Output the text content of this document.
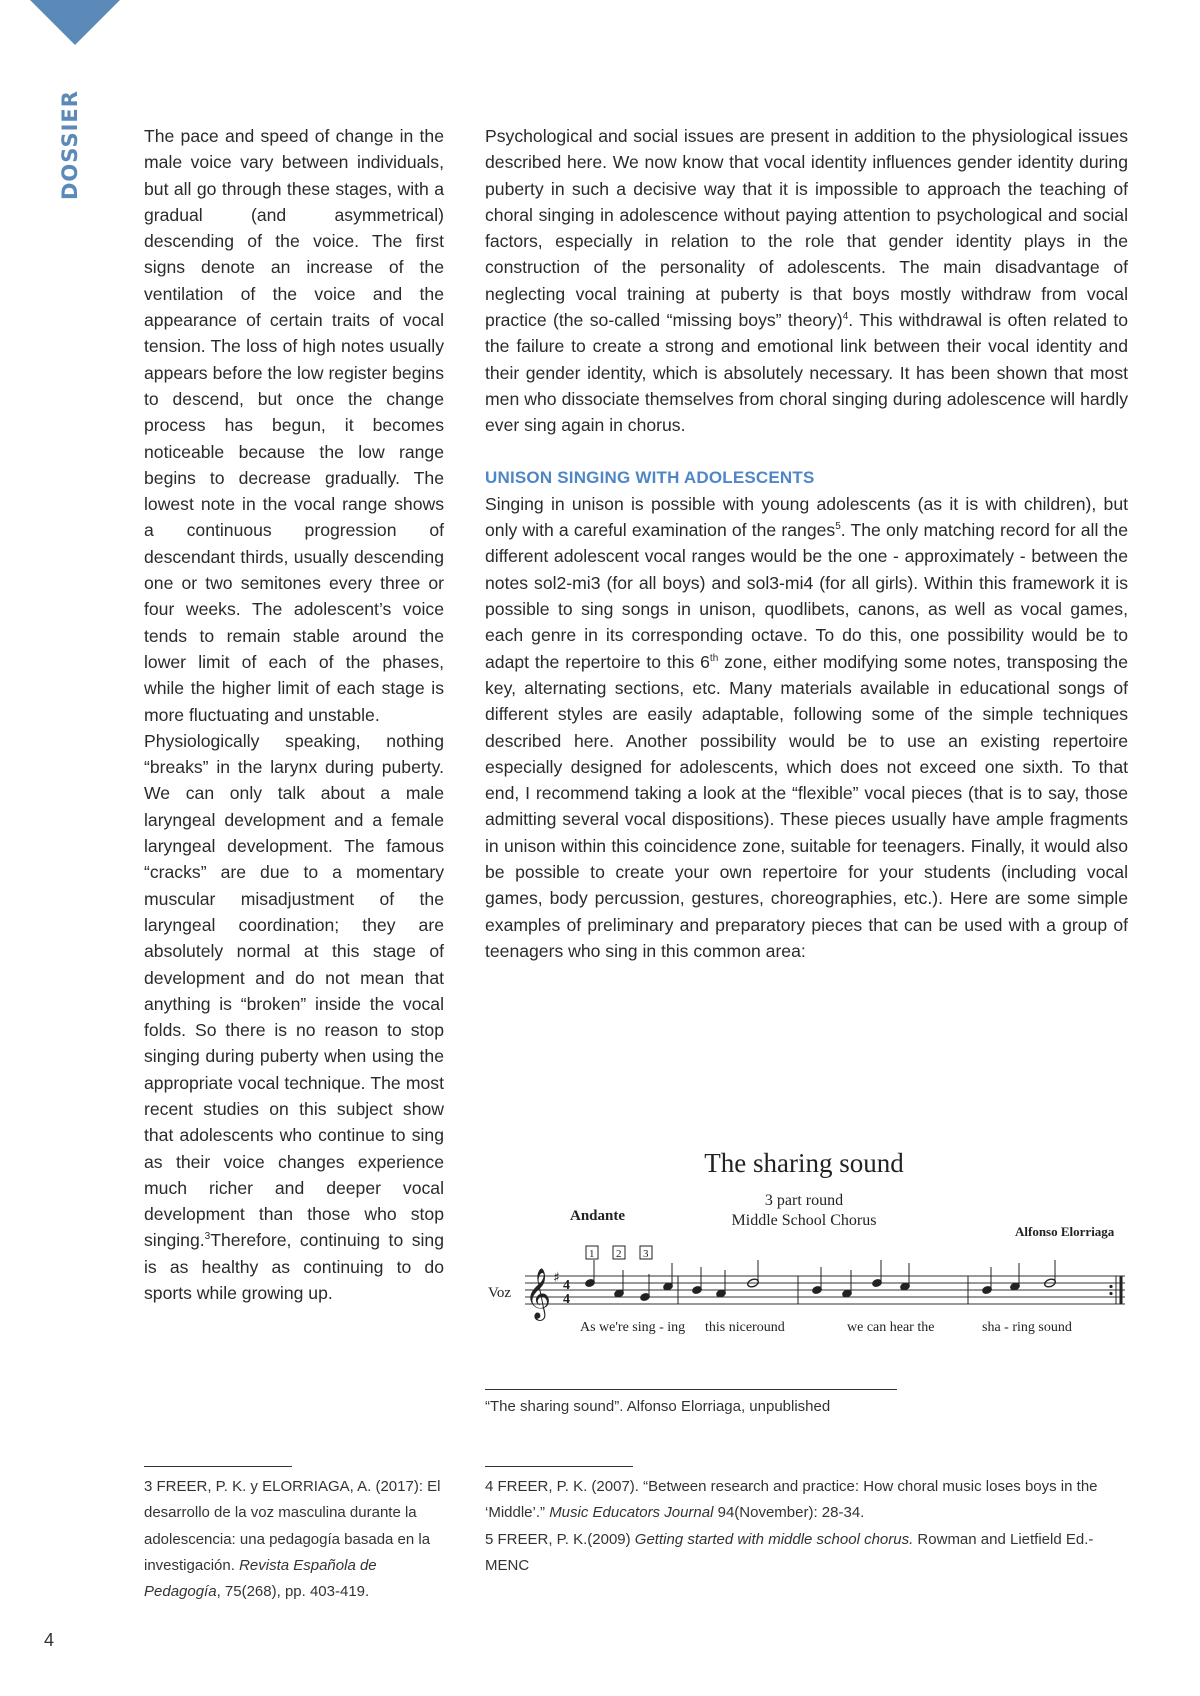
DOSSIER	The pace and speed of change in the male voice vary between individuals, but all go through these stages, with a gradual (and asymmetrical) descending of the voice. The first signs denote an increase of the ventilation of the voice and the appearance of certain traits of vocal tension. The loss of high notes usually appears before the low register begins to descend, but once the change process has begun, it becomes noticeable because the low range begins to decrease gradually. The lowest note in the vocal range shows a continuous progression of descendant thirds, usually descending one or two semitones every three or four weeks. The adolescent’s voice tends to remain stable around the lower limit of each of the phases, while the higher limit of each stage is more fluctuating and unstable.

Physiologically speaking, nothing “breaks” in the larynx during puberty. We can only talk about a male laryngeal development and a female laryngeal development. The famous “cracks” are due to a momentary muscular misadjustment of the laryngeal coordination; they are absolutely normal at this stage of development and do not mean that anything is “broken” inside the vocal folds. So there is no reason to stop singing during puberty when using the appropriate vocal technique. The most recent studies on this subject show that adolescents who continue to sing as their voice changes experience much richer and deeper vocal development than those who stop singing.$^3$Therefore, continuing to sing is as healthy as continuing to do sports while growing up.

Psychological and social issues are present in addition to the physiological issues described here. We now know that vocal identity influences gender identity during puberty in such a decisive way that it is impossible to approach the teaching of choral singing in adolescence without paying attention to psychological and social factors, especially in relation to the role that gender identity plays in the construction of the personality of adolescents. The main disadvantage of neglecting vocal training at puberty is that boys mostly withdraw from vocal practice (the so-called “missing boys” theory)$^4$. This withdrawal is often related to the failure to create a strong and emotional link between their vocal identity and their gender identity, which is absolutely necessary. It has been shown that most men who dissociate themselves from choral singing during adolescence will hardly ever sing again in chorus.

UNISON SINGING WITH ADOLESCENTS

Singing in unison is possible with young adolescents (as it is with children), but only with a careful examination of the ranges$^5$. The only matching record for all the different adolescent vocal ranges would be the one - approximately - between the notes sol2-mi3 (for all boys) and sol3-mi4 (for all girls). Within this framework it is possible to sing songs in unison, quodlibets, canons, as well as vocal games, each genre in its corresponding octave. To do this, one possibility would be to adapt the repertoire to this 6th zone, either modifying some notes, transposing the key, alternating sections, etc. Many materials available in educational songs of different styles are easily adaptable, following some of the simple techniques described here. Another possibility would be to use an existing repertoire especially designed for adolescents, which does not exceed one sixth. To that end, I recommend taking a look at the “flexible” vocal pieces (that is to say, those admitting several vocal dispositions). These pieces usually have ample fragments in unison within this coincidence zone, suitable for teenagers. Finally, it would also be possible to create your own repertoire for your students (including vocal games, body percussion, gestures, choreographies, etc.). Here are some simple examples of preliminary and preparatory pieces that can be used with a group of teenagers who sing in this common area:

The sharing sound
3 part round
Middle School Chorus
Andante
Alfonso Elorriaga
Voz
1 2 3
𝄞 ♯ 4
4
As we're sing - ing this niceround	we can hear the	sha - ring sound
“The sharing sound”. Alfonso Elorriaga, unpublished

3 FREER, P. K. y ELORRIAGA, A. (2017): El desarrollo de la voz masculina durante la adolescencia: una pedagogía basada en la investigación. Revista Española de Pedagogía, 75(268), pp. 403-419.

4 FREER, P. K. (2007). “Between research and practice: How choral music loses boys in the ‘Middle’.” Music Educators Journal 94(November): 28-34.

5 FREER, P. K.(2009) Getting started with middle school chorus. Rowman and Lietfield Ed.- MENC

4
